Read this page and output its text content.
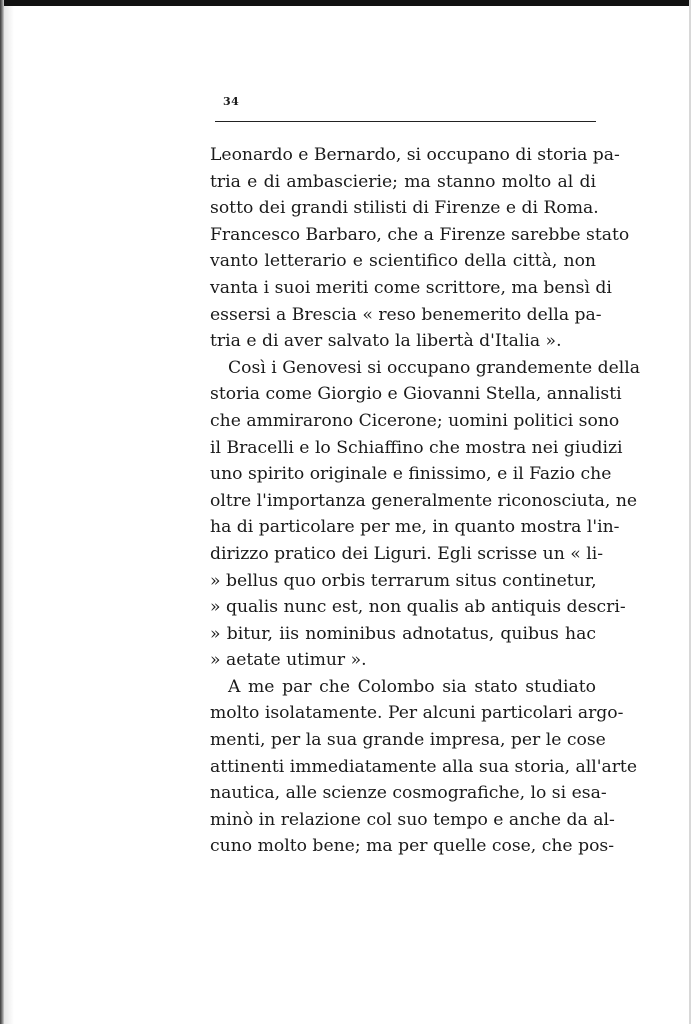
34
Leonardo e Bernardo, si occupano di storia pa-
tria e di ambascierie; ma stanno molto al di
sotto dei grandi stilisti di Firenze e di Roma.
Francesco Barbaro, che a Firenze sarebbe stato
vanto letterario e scientifico della città, non
vanta i suoi meriti come scrittore, ma bensì di
essersi a Brescia « reso benemerito della pa-
tria e di aver salvato la libertà d'Italia ».
Così i Genovesi si occupano grandemente della
storia come Giorgio e Giovanni Stella, annalisti
che ammirarono Cicerone; uomini politici sono
il Bracelli e lo Schiaffino che mostra nei giudizi
uno spirito originale e finissimo, e il Fazio che
oltre l'importanza generalmente riconosciuta, ne
ha di particolare per me, in quanto mostra l'in-
dirizzo pratico dei Liguri. Egli scrisse un « li-
» bellus quo orbis terrarum situs continetur,
» qualis nunc est, non qualis ab antiquis descri-
» bitur, iis nominibus adnotatus, quibus hac
» aetate utimur ».
A me par che Colombo sia stato studiato
molto isolatamente. Per alcuni particolari argo-
menti, per la sua grande impresa, per le cose
attinenti immediatamente alla sua storia, all'arte
nautica, alle scienze cosmografiche, lo si esa-
minò in relazione col suo tempo e anche da al-
cuno molto bene; ma per quelle cose, che pos-
